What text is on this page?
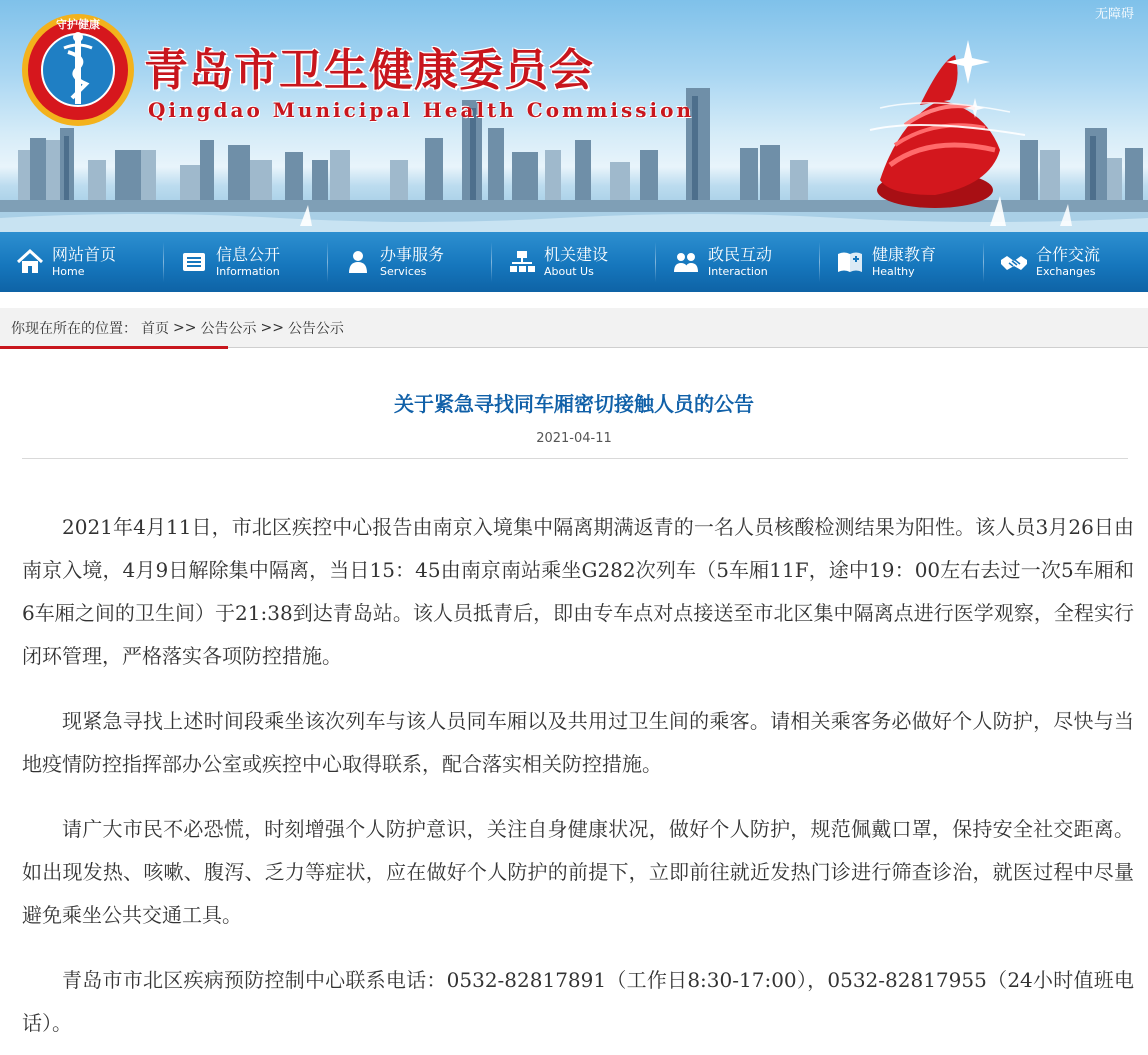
守护健康
青岛市卫生健康委员会
Qingdao Municipal Health Commission
无障碍
网站首页
Home
信息公开
Information
办事服务
Services
机关建设
About Us
政民互动
Interaction
健康教育
Healthy
合作交流
Exchanges
你现在所在的位置： 首页 >> 公告公示 >> 公告公示
关于紧急寻找同车厢密切接触人员的公告
2021-04-11

2021年4月11日，市北区疾控中心报告由南京入境集中隔离期满返青的一名人员核酸检测结果为阳性。该人员3月26日由南京入境，4月9日解除集中隔离，当日15：45由南京南站乘坐G282次列车（5车厢11F，途中19：00左右去过一次5车厢和6车厢之间的卫生间）于21:38到达青岛站。该人员抵青后，即由专车点对点接送至市北区集中隔离点进行医学观察，全程实行闭环管理，严格落实各项防控措施。

现紧急寻找上述时间段乘坐该次列车与该人员同车厢以及共用过卫生间的乘客。请相关乘客务必做好个人防护，尽快与当地疫情防控指挥部办公室或疾控中心取得联系，配合落实相关防控措施。

请广大市民不必恐慌，时刻增强个人防护意识，关注自身健康状况，做好个人防护，规范佩戴口罩，保持安全社交距离。如出现发热、咳嗽、腹泻、乏力等症状，应在做好个人防护的前提下，立即前往就近发热门诊进行筛查诊治，就医过程中尽量避免乘坐公共交通工具。

青岛市市北区疾病预防控制中心联系电话：0532-82817891（工作日8:30-17:00），0532-82817955（24小时值班电话）。
